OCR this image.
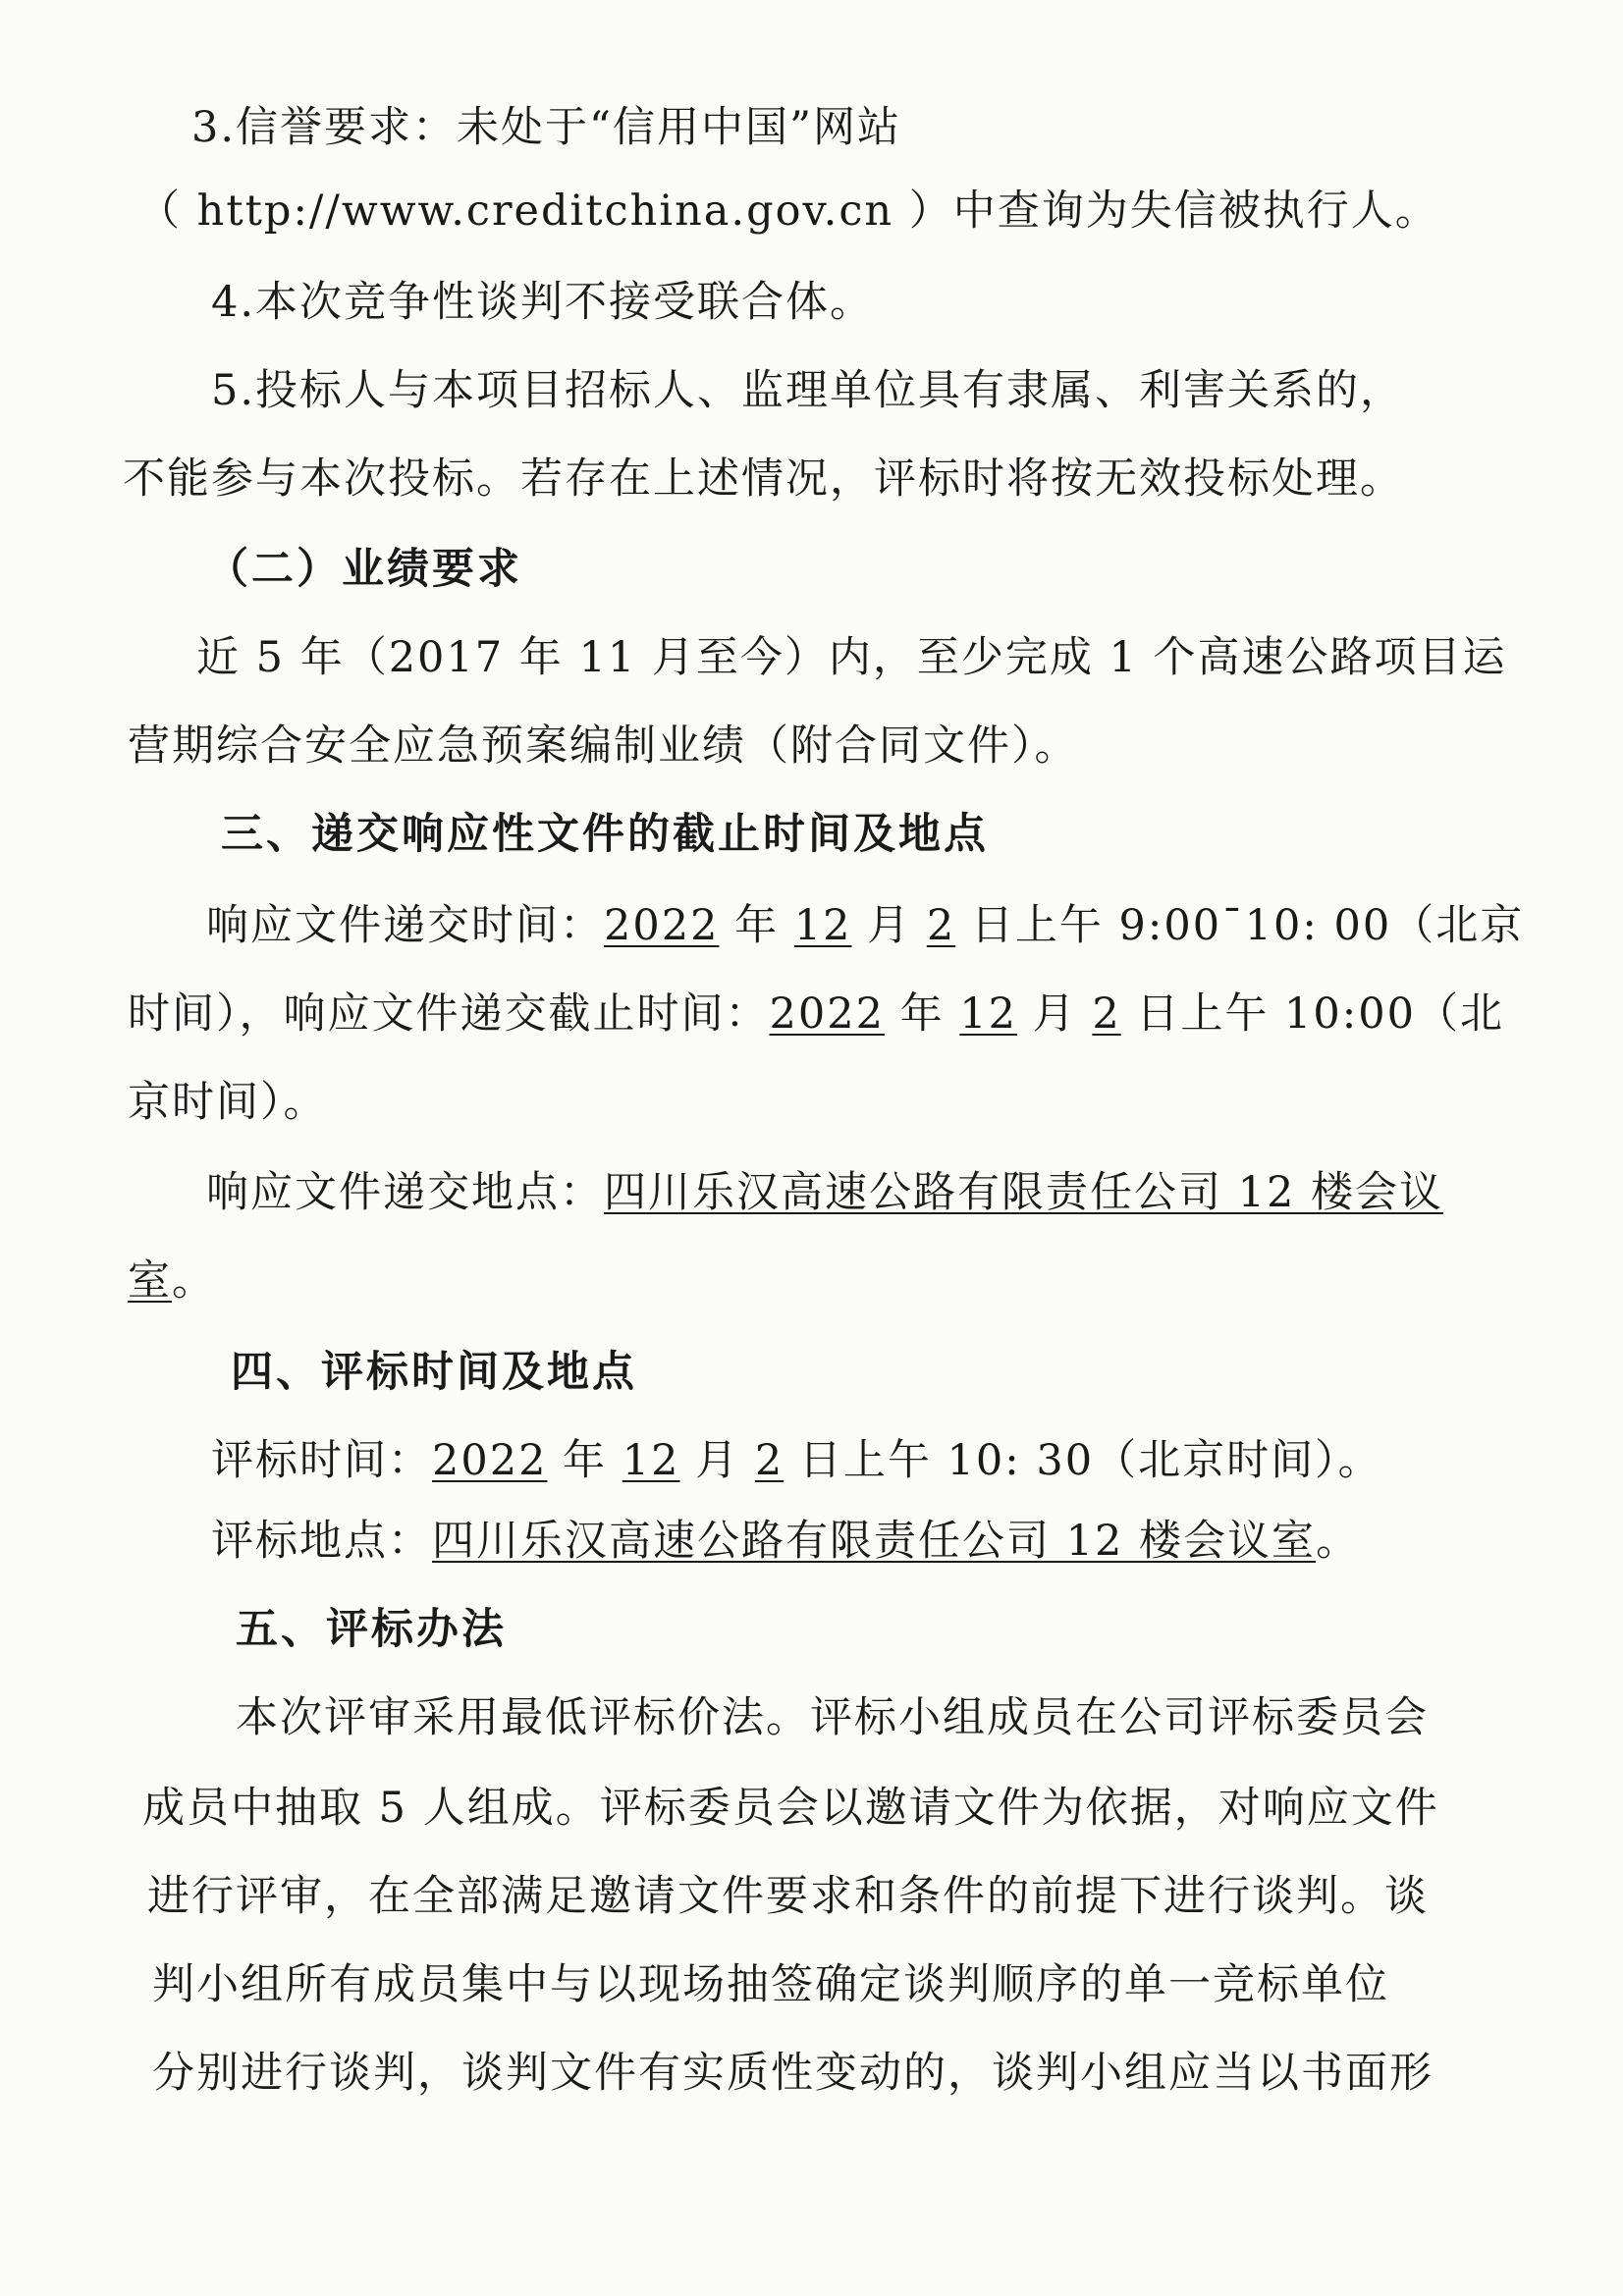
3.信誉要求：未处于“信用中国”网站
（ http://www.creditchina.gov.cn ）中查询为失信被执行人。
4.本次竞争性谈判不接受联合体。
5.投标人与本项目招标人、监理单位具有隶属、利害关系的，
不能参与本次投标。若存在上述情况，评标时将按无效投标处理。
（二）业绩要求
近 5 年（2017 年 11 月至今）内，至少完成 1 个高速公路项目运
营期综合安全应急预案编制业绩（附合同文件）。
三、递交响应性文件的截止时间及地点
响应文件递交时间：2022 年 12 月 2 日上午 9:00¯10: 00（北京
时间），响应文件递交截止时间：2022 年 12 月 2 日上午 10:00（北
京时间）。
响应文件递交地点：四川乐汉高速公路有限责任公司 12 楼会议
室。
四、评标时间及地点
评标时间：2022 年 12 月 2 日上午 10: 30（北京时间）。
评标地点：四川乐汉高速公路有限责任公司 12 楼会议室。
五、评标办法
本次评审采用最低评标价法。评标小组成员在公司评标委员会
成员中抽取 5 人组成。评标委员会以邀请文件为依据，对响应文件
进行评审，在全部满足邀请文件要求和条件的前提下进行谈判。谈
判小组所有成员集中与以现场抽签确定谈判顺序的单一竞标单位
分别进行谈判，谈判文件有实质性变动的，谈判小组应当以书面形
